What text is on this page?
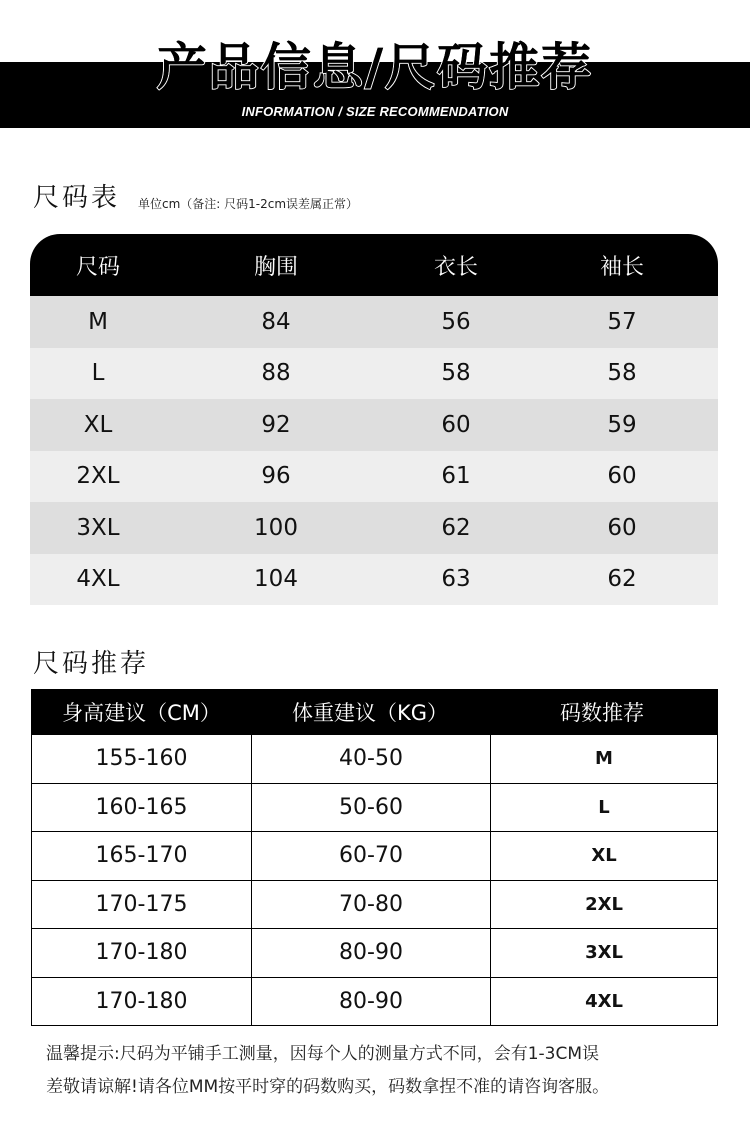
产品信息/尺码推荐
INFORMATION / SIZE RECOMMENDATION
尺码表 单位cm（备注: 尺码1-2cm误差属正常）
尺码	胸围	衣长	袖长
M	84	56	57
L	88	58	58
XL	92	60	59
2XL	96	61	60
3XL	100	62	60
4XL	104	63	62
尺码推荐
身高建议（CM）	体重建议（KG）	码数推荐
155-160	40-50	M
160-165	50-60	L
165-170	60-70	XL
170-175	70-80	2XL
170-180	80-90	3XL
170-180	80-90	4XL
温馨提示:尺码为平铺手工测量，因每个人的测量方式不同，会有1-3CM误
差敬请谅解!请各位MM按平时穿的码数购买，码数拿捏不准的请咨询客服。
